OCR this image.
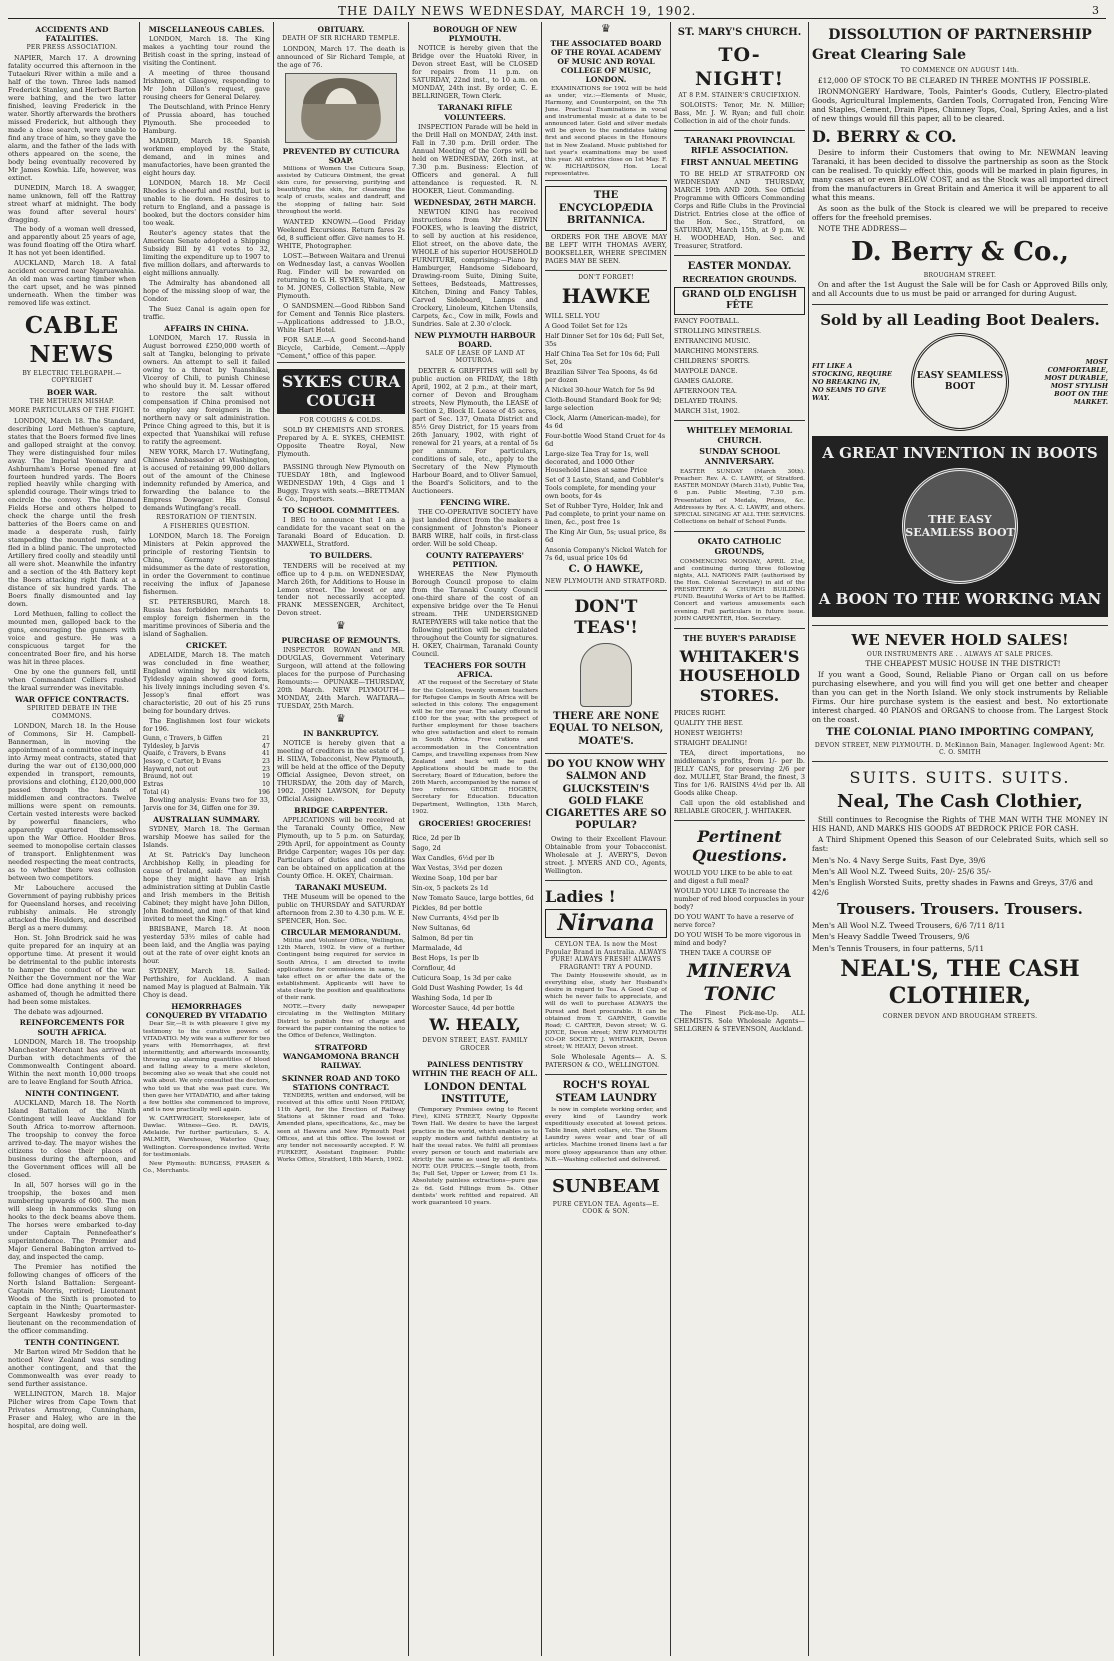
THE DAILY NEWS WEDNESDAY, MARCH 19, 1902.	3
ACCIDENTS AND FATALITIES.
PER PRESS ASSOCIATION.

NAPIER, March 17. A drowning fatality occurred this afternoon in the Tutaekuri River within a mile and a half of the town. Three lads named Frederick Stanley, and Herbert Barton were bathing, and the two latter finished, leaving Frederick in the water. Shortly afterwards the brothers missed Frederick, but although they made a close search, were unable to find any trace of him, so they gave the alarm, and the father of the lads with others appeared on the scene, the body being eventually recovered by Mr James Kowhia. Life, however, was extinct.

DUNEDIN, March 18. A swagger, name unknown, fell off the Rattray street wharf at midnight. The body was found after several hours' dragging.

The body of a woman well dressed, and apparently about 25 years of age, was found floating off the Otira wharf. It has not yet been identified.

AUCKLAND, March 18. A fatal accident occurred near Ngaruawahia. An old man was carting timber when the cart upset, and he was pinned underneath. When the timber was removed life was extinct.

CABLE NEWS
BY ELECTRIC TELEGRAPH.—COPYRIGHT
BOER WAR.
THE METHUEN MISHAP.
MORE PARTICULARS OF THE FIGHT.

LONDON, March 18. The Standard, describing Lord Methuen's capture, states that the Boers formed five lines and galloped straight at the convoy. They were distinguished four miles away. The Imperial Yeomanry and Ashburnham's Horse opened fire at fourteen hundred yards. The Boers replied heavily while charging with splendid courage. Their wings tried to encircle the convoy. The Diamond Fields Horse and others helped to check the charge until the fresh batteries of the Boers came on and made a desperate rush, fairly stampeding the mounted men, who fled in a blind panic. The unprotected Artillery fired coolly and steadily until all were shot. Meanwhile the infantry and a section of the 4th Battery kept the Boers attacking right flank at a distance of six hundred yards. The Boers finally dismounted and lay down.

Lord Methuen, falling to collect the mounted men, galloped back to the guns, encouraging the gunners with voice and gesture. He was a conspicuous target for the concentrated Boer fire, and his horse was hit in three places.

One by one the gunners fell, until when Commandant Celliers rushed the kraal surrender was inevitable.

WAR OFFICE CONTRACTS.
SPIRITED DEBATE IN THE COMMONS.

LONDON, March 18. In the House of Commons, Sir H. Campbell-Bannerman, in moving the appointment of a committee of inquiry into Army meat contracts, stated that during the war out of £130,000,000 expended in transport, remounts, provisions and clothing, £120,000,000 passed through the hands of middlemen and contractors. Twelve millions were spent on remounts. Certain vested interests were backed by powerful financiers, who apparently quartered themselves upon the War Office. Hoolder Bros. seemed to monopolise certain classes of transport. Enlightenment was needed respecting the meat contracts, as to whether there was collusion between two competitors.

Mr Labouchere accused the Government of paying rubbishy prices for Queensland horses, and receiving rubbishy animals. He strongly attacked the Houlders, and described Bergl as a mere dummy.

Hon. St. John Brodrick said he was quite prepared for an inquiry at an opportune time. At present it would be detrimental to the public interests to hamper the conduct of the war. Neither the Government nor the War Office had done anything it need be ashamed of, though he admitted there had been some mistakes.

The debate was adjourned.

REINFORCEMENTS FOR SOUTH AFRICA.

LONDON, March 18. The troopship Manchester Merchant has arrived at Durban with detachments of the Commonwealth Contingent aboard. Within the next month 10,000 troops are to leave England for South Africa.

NINTH CONTINGENT.

AUCKLAND, March 18. The North Island Battalion of the Ninth Contingent will leave Auckland for South Africa to-morrow afternoon. The troopship to convey the force arrived to-day. The mayor wishes the citizens to close their places of business during the afternoon, and the Government offices will all be closed.

In all, 507 horses will go in the troopship, the boxes and men numbering upwards of 600. The men will sleep in hammocks slung on hooks to the deck beams above them. The horses were embarked to-day under Captain Pennefeather's superintendence. The Premier and Major General Babington arrived to-day, and inspected the camp.

The Premier has notified the following changes of officers of the North Island Battalion: Sergeant-Captain Morris, retired; Lieutenant Woods of the Sixth is promoted to captain in the Ninth; Quartermaster-Sergeant Hawkesby promoted to lieutenant on the recommendation of the officer commanding.

TENTH CONTINGENT.

Mr Barton wired Mr Seddon that he noticed New Zealand was sending another contingent, and that the Commonwealth was ever ready to send further assistance.

WELLINGTON, March 18. Major Pilcher wires from Cape Town that Privates Armstrong, Cunningham, Fraser and Haley, who are in the hospital, are doing well.

MISCELLANEOUS CABLES.

LONDON, March 18. The King makes a yachting tour round the British coast in the spring, instead of visiting the Continent.

A meeting of three thousand Irishmen, at Glasgow, responding to Mr John Dillon's request, gave rousing cheers for General Delarey.

The Deutschland, with Prince Henry of Prussia aboard, has touched Plymouth. She proceeded to Hamburg.

MADRID, March 18. Spanish workmen employed by the State, demand, and in mines and manufactories, have been granted the eight hours day.

LONDON, March 18. Mr Cecil Rhodes is cheerful and restful, but is unable to lie down. He desires to return to England, and a passage is booked, but the doctors consider him too weak.

Reuter's agency states that the American Senate adopted a Shipping Subsidy Bill by 41 votes to 32, limiting the expenditure up to 1907 to five million dollars, and afterwards to eight millions annually.

The Admiralty has abandoned all hope of the missing sloop of war, the Condor.

The Suez Canal is again open for traffic.

AFFAIRS IN CHINA.

LONDON, March 17. Russia in August borrowed £250,000 worth of salt at Tangku, belonging to private owners. An attempt to sell it failed owing to a threat by Yuanshikai, Viceroy of Chili, to punish Chinese who should buy it. M. Lessar offered to restore the salt without compensation if China promised not to employ any foreigners in the northern navy or salt administration. Prince Ching agreed to this, but it is expected that Yuanshikai will refuse to ratify the agreement.

NEW YORK, March 17. Wutingfang, Chinese Ambassador at Washington, is accused of retaining 99,000 dollars out of the amount of the Chinese indemnity refunded by America, and forwarding the balance to the Empress Dowager. His Consul demands Wutingfang's recall.

RESTORATION OF TIENTSIN.
A FISHERIES QUESTION.

LONDON, March 18. The Foreign Ministers at Pekin approved the principle of restoring Tientsin to China, Germany suggesting midsummer as the date of restoration, in order the Government to continue receiving the influx of Japanese fishermen.

ST. PETERSBURG, March 18. Russia has forbidden merchants to employ foreign fishermen in the maritime provinces of Siberia and the island of Saghalien.

CRICKET.

ADELAIDE, March 18. The match was concluded in fine weather, England winning by six wickets. Tyldesley again showed good form, his lively innings including seven 4's. Jessop's final effort was characteristic, 20 out of his 25 runs being for boundary drives.

The Englishmen lost four wickets for 196.

Gunn, c Travers, b Giffen	21
Tyldesley, b Jarvis	47
Quaife, c Travers, b Evans	41
Jessop, c Carter, b Evans	23
Hayward, not out	23
Braund, not out	19
Extras	10
Total (4)	196

Bowling analysis: Evans two for 33, Jarvis one for 34, Giffen one for 39.

AUSTRALIAN SUMMARY.

SYDNEY, March 18. The German warship Moewe has sailed for the Islands.

At St. Patrick's Day luncheon Archbishop Kelly, in pleading for cause of Ireland, said: "They might hope they might have an Irish administration sitting at Dublin Castle and Irish members in the British Cabinet; they might have John Dillon, John Redmond, and men of that kind invited to meet the King."

BRISBANE, March 18. At noon yesterday 53½ miles of cable had been laid, and the Anglia was paying out at the rate of over eight knots an hour.

SYDNEY, March 18. Sailed: Perthshire, for Auckland. A man named May is plagued at Balmain. Yik Choy is dead.

HEMORRHAGES CONQUERED BY VITADATIO

Dear Sir,—It is with pleasure I give my testimony to the curative powers of VITADATIO. My wife was a sufferer for two years with Hemorrhages, at first intermittently, and afterwards incessantly, throwing up alarming quantities of blood and falling away to a mere skeleton, becoming also so weak that she could not walk about. We only consulted the doctors, who told us that she was past cure. We then gave her VITADATIO, and after taking a few bottles she commenced to improve, and is now practically well again.

W. CARTWRIGHT, Storekeeper, late of Dawlac. Witness—Geo. R. DAVIS, Adelaide. For further particulars, S. A. PALMER, Warehouse, Waterloo Quay, Wellington. Correspondence invited. Write for testimonials.

New Plymouth: BURGESS, FRASER & Co., Merchants.

OBITUARY.
DEATH OF SIR RICHARD TEMPLE.

LONDON, March 17. The death is announced of Sir Richard Temple, at the age of 76.

PREVENTED BY CUTICURA SOAP.

Millions of Women Use Cuticura Soap, assisted by Cuticura Ointment, the great skin cure, for preserving, purifying and beautifying the skin, for cleansing the scalp of crusts, scales and dandruff, and the stopping of falling hair. Sold throughout the world.

WANTED KNOWN.—Good Friday Weekend Excursions. Return fares 2s 6d, 8 sufficient offer. Give names to H. WHITE, Photographer.

LOST.—Between Waitara and Urenui on Wednesday last, a canvas Woollen Rug. Finder will be rewarded on returning to G. H. SYMES, Waitara, or to M. JONES, Collection Stable, New Plymouth.

O SANDSMEN.—Good Ribbon Sand for Cement and Tennis Rice plasters.—Applications addressed to J.B.O., White Hart Hotel.

FOR SALE.—A good Second-hand Bicycle, Carbide, Cement.—Apply "Cement," office of this paper.

SYKES CURA COUGH
FOR COUGHS & COLDS.

SOLD BY CHEMISTS AND STORES. Prepared by A. E. SYKES, CHEMIST. Opposite Theatre Royal, New Plymouth.

PASSING through New Plymouth on TUESDAY 18th, and Inglewood WEDNESDAY 19th, 4 Gigs and 1 Buggy. Trays with seats.—BRETTMAN & Co., Importers.

TO SCHOOL COMMITTEES.

I BEG to announce that I am a candidate for the vacant seat on the Taranaki Board of Education. D. MAXWELL, Stratford.

TO BUILDERS.

TENDERS will be received at my office up to 4 p.m. on WEDNESDAY, March 26th, for Additions to House in Lemon street. The lowest or any tender not necessarily accepted. FRANK MESSENGER, Architect, Devon street.

♛
PURCHASE OF REMOUNTS.

INSPECTOR ROWAN and MR. DOUGLAS, Government Veterinary Surgeon, will attend at the following places for the purpose of Purchasing Remounts:— OPUNAKE—THURSDAY, 20th March. NEW PLYMOUTH—MONDAY, 24th March. WAITARA—TUESDAY, 25th March.

♛
IN BANKRUPTCY.

NOTICE is hereby given that a meeting of creditors in the estate of J. H. SILVA, Tobacconist, New Plymouth, will be held at the office of the Deputy Official Assignee, Devon street, on THURSDAY, the 20th day of March, 1902. JOHN LAWSON, for Deputy Official Assignee.

BRIDGE CARPENTER.

APPLICATIONS will be received at the Taranaki County Office, New Plymouth, up to 5 p.m. on Saturday, 29th April, for appointment as County Bridge Carpenter; wages 10s per day. Particulars of duties and conditions can be obtained on application at the County Office. H. OKEY, Chairman.

TARANAKI MUSEUM.

THE Museum will be opened to the public on THURSDAY and SATURDAY afternoon from 2.30 to 4.30 p.m. W. E. SPENCER, Hon. Sec.

CIRCULAR MEMORANDUM.

Militia and Volunteer Office, Wellington, 12th March, 1902. In view of a further Contingent being required for service in South Africa, I am directed to invite applications for commissions in same, to take effect on or after the date of the establishment. Applicants will have to state clearly the position and qualifications of their rank.

NOTE.—Every daily newspaper circulating in the Wellington Military District to publish free of charge and forward the paper containing the notice to the Office of Defence, Wellington.

STRATFORD WANGAMOMONA BRANCH RAILWAY.
SKINNER ROAD AND TOKO STATIONS CONTRACT.

TENDERS, written and endorsed, will be received at this office until Noon FRIDAY, 11th April, for the Erection of Railway Stations at Skinner road and Toko. Amended plans, specifications, &c., may be seen at Hawera and New Plymouth Post Offices, and at this office. The lowest or any tender not necessarily accepted. F. W. FURKERT, Assistant Engineer. Public Works Office, Stratford, 18th March, 1902.

BOROUGH OF NEW PLYMOUTH.

NOTICE is hereby given that the Bridge over the Huatoki River, in Devon street East, will be CLOSED for repairs from 11 p.m. on SATURDAY, 22nd inst., to 10 a.m. on MONDAY, 24th inst. By order, C. E. BELLRINGER, Town Clerk.

TARANAKI RIFLE VOLUNTEERS.

INSPECTION Parade will be held in the Drill Hall on MONDAY, 24th inst. Fall in 7.30 p.m. Drill order. The Annual Meeting of the Corps will be held on WEDNESDAY, 26th inst., at 7.30 p.m. Business: Election of Officers and general. A full attendance is requested. R. N. HOOKER, Lieut. Commanding.

WEDNESDAY, 26TH MARCH.

NEWTON KING has received instructions from Mr EDWIN FOOKES, who is leaving the district, to sell by auction at his residence, Eliot street, on the above date, the WHOLE of his superior HOUSEHOLD FURNITURE, comprising:—Piano by Hamburger, Handsome Sideboard, Drawing-room Suite, Dining Suite, Settees, Bedsteads, Mattresses, Kitchen, Dining and Fancy Tables, Carved Sideboard, Lamps and Crockery, Linoleum, Kitchen Utensils, Carpets, &c., Cow in milk, Fowls and Sundries. Sale at 2.30 o'clock.

NEW PLYMOUTH HARBOUR BOARD.
SALE OF LEASE OF LAND AT MOTUROA.

DEXTER & GRIFFITHS will sell by public auction on FRIDAY, the 18th April, 1902, at 2 p.m., at their mart, corner of Devon and Brougham streets, New Plymouth, the LEASE of Section 2, Block II. Lease of 45 acres, part of Sec. 137, Omata District and 85½ Grey District, for 15 years from 26th January, 1902, with right of renewal for 21 years, at a rental of 5s per annum. For particulars, conditions of sale, etc., apply to the Secretary of the New Plymouth Harbour Board, and to Oliver Samuel, the Board's Solicitors, and to the Auctioneers.

FENCING WIRE.

THE CO-OPERATIVE SOCIETY have just landed direct from the makers a consignment of Johnston's Pioneer BARB WIRE, half coils, in first-class order. Will be sold Cheap.

COUNTY RATEPAYERS' PETITION.

WHEREAS the New Plymouth Borough Council propose to claim from the Taranaki County Council one-third share of the cost of an expensive bridge over the Te Henui stream. THE UNDERSIGNED RATEPAYERS will take notice that the following petition will be circulated throughout the County for signatures. H. OKEY, Chairman, Taranaki County Council.

TEACHERS FOR SOUTH AFRICA.

AT the request of the Secretary of State for the Colonies, twenty women teachers for Refugee Camps in South Africa will be selected in this colony. The engagement will be for one year. The salary offered is £100 for the year, with the prospect of further employment for those teachers who give satisfaction and elect to remain in South Africa. Free rations and accommodation in the Concentration Camps, and travelling expenses from New Zealand and back will be paid. Applications should be made to the Secretary, Board of Education, before the 26th March, accompanied by the names of two referees. GEORGE HOGBEN, Secretary for Education. Education Department, Wellington, 13th March, 1902.

GROCERIES! GROCERIES!
Rice, 2d per lb
Sago, 2d
Wax Candles, 6½d per lb
Wax Vestas, 3½d per dozen
Wexine Soap, 10d per bar
Sin-ox, 5 packets 2s 1d
New Tomato Sauce, large bottles, 6d
Pickles, 8d per bottle
New Currants, 4½d per lb
New Sultanas, 6d
Salmon, 8d per tin
Marmalade, 4d
Best Hops, 1s per lb
Cornflour, 4d
Cuticura Soap, 1s 3d per cake
Gold Dust Washing Powder, 1s 4d
Washing Soda, 1d per lb
Worcester Sauce, 4d per bottle
W. HEALY,
DEVON STREET, EAST. FAMILY GROCER
PAINLESS DENTISTRY WITHIN THE REACH OF ALL.
LONDON DENTAL INSTITUTE,

(Temporary Premises owing to Recent Fire), KING STREET, Nearly Opposite Town Hall. We desire to have the largest practice in the world, which enables us to supply modern and faithful dentistry at half the usual rates. We fulfil all promises every person or touch and materials are strictly the same as used by all dentists. NOTE OUR PRICES.—Single tooth, from 5s; Full Set, Upper or Lower, from £1 1s. Absolutely painless extractions—pure gas 2s 6d. Gold Fillings from 5s. Other dentists' work refitted and repaired. All work guaranteed 10 years.

♛
THE ASSOCIATED BOARD OF THE ROYAL ACADEMY OF MUSIC AND ROYAL COLLEGE OF MUSIC, LONDON.

EXAMINATIONS for 1902 will be held as under, viz.:—Elements of Music, Harmony, and Counterpoint, on the 7th June. Practical Examinations in vocal and instrumental music at a date to be announced later. Gold and silver medals will be given to the candidates taking first and second places in the Honours list in New Zealand. Music published for last year's examinations may be used this year. All entries close on 1st May. F. W. RICHARDSON, Hon. Local representative.

THE ENCYCLOPÆDIA BRITANNICA.

ORDERS FOR THE ABOVE MAY BE LEFT WITH THOMAS AVERY, BOOKSELLER, WHERE SPECIMEN PAGES MAY BE SEEN.

DON'T FORGET!
HAWKE
WILL SELL YOU
A Good Toilet Set for 12s
Half Dinner Set for 10s 6d; Full Set, 35s
Half China Tea Set for 10s 6d; Full Set, 20s
Brazilian Silver Tea Spoons, 4s 6d per dozen
A Nickel 30-hour Watch for 5s 9d
Cloth-Bound Standard Book for 9d; large selection
Clock, Alarm (American-made), for 4s 6d
Four-bottle Wood Stand Cruet for 4s 6d
Large-size Tea Tray for 1s, well decorated, and 1000 Other Household Lines at same Price
Set of 3 Laste, Stand, and Cobbler's Tools complete, for mending your own boots, for 4s
Set of Rubber Tyre, Holder, Ink and Pad complete, to print your name on linen, &c., post free 1s
The King Air Gun, 5s; usual price, 8s 6d
Ansonia Company's Nickel Watch for 7s 6d, usual price 10s 6d
C. O HAWKE,
NEW PLYMOUTH AND STRATFORD.
DON'T TEAS'!
THERE ARE NONE EQUAL TO NELSON, MOATE'S.
DO YOU KNOW WHY SALMON AND GLUCKSTEIN'S GOLD FLAKE CIGARETTES ARE SO POPULAR?

Owing to their Excellent Flavour. Obtainable from your Tobacconist. Wholesale at J. AVERY'S, Devon street. J. MYERS AND CO., Agents, Wellington.

Ladies !
Nirvana
CEYLON TEA. Is now the Most Popular Brand in Australia. ALWAYS PURE! ALWAYS FRESH! ALWAYS FRAGRANT! TRY A POUND.

The Dainty Housewife should, as in everything else, study her Husband's desire in regard to Tea. A Good Cup of which he never fails to appreciate, and will do well to purchase ALWAYS the Purest and Best procurable. It can be obtained from T. GARNER, Gonville Road; C. CARTER, Devon street; W. G. JOYCE, Devon street; NEW PLYMOUTH CO-OP. SOCIETY; J. WHITAKER, Devon street; W. HEALY, Devon street.

Sole Wholesale Agents— A. S. PATERSON & CO., WELLINGTON.

ROCH'S ROYAL STEAM LAUNDRY

Is now in complete working order, and every kind of Laundry work expeditiously executed at lowest prices. Table linen, shirt collars, etc. The Steam Laundry saves wear and tear of all articles. Machine ironed linens last a far more glossy appearance than any other. N.B.—Washing collected and delivered.

SUNBEAM
PURE CEYLON TEA. Agents—E. COOK & SON.
ST. MARY'S CHURCH.
TO-NIGHT!
AT 8 P.M. STAINER'S CRUCIFIXION.

SOLOISTS: Tenor, Mr. N. Millier; Bass, Mr. J. W. Ryan; and full choir. Collection in aid of the choir funds.

TARANAKI PROVINCIAL RIFLE ASSOCIATION.
FIRST ANNUAL MEETING

TO BE HELD AT STRATFORD ON WEDNESDAY AND THURSDAY, MARCH 19th AND 20th. See Official Programme with Officers Commanding Corps and Rifle Clubs in the Provincial District. Entries close at the office of the Hon. Sec., Stratford, on SATURDAY, March 15th, at 9 p.m. W. H. WOODHEAD, Hon. Sec. and Treasurer, Stratford.

EASTER MONDAY.
RECREATION GROUNDS.
GRAND OLD ENGLISH FÊTE
FANCY FOOTBALL.
STROLLING MINSTRELS.
ENTRANCING MUSIC.
MARCHING MONSTERS.
CHILDRENS' SPORTS.
MAYPOLE DANCE.
GAMES GALORE.
AFTERNOON TEA.
DELAYED TRAINS.
MARCH 31st, 1902.
WHITELEY MEMORIAL CHURCH.
SUNDAY SCHOOL ANNIVERSARY.

EASTER SUNDAY (March 30th). Preacher: Rev. A. C. LAWRY, of Stratford. EASTER MONDAY (March 31st), Public Tea, 6 p.m. Public Meeting, 7.30 p.m. Presentation of Medals, Prizes, &c. Addresses by Rev. A. C. LAWRY, and others. SPECIAL SINGING AT ALL THE SERVICES. Collections on behalf of School Funds.

OKATO CATHOLIC GROUNDS,

COMMENCING MONDAY, APRIL 21st, and continuing during three following nights, ALL NATIONS FAIR (authorised by the Hon. Colonial Secretary) in aid of the PRESBYTERY & CHURCH BUILDING FUND. Beautiful Works of Art to be Raffled. Concert and various amusements each evening. Full particulars in future issue. JOHN CARPENTER, Hon. Secretary.

THE BUYER'S PARADISE
WHITAKER'S HOUSEHOLD STORES.
PRICES RIGHT.
QUALITY THE BEST.
HONEST WEIGHTS!
STRAIGHT DEALING!

TEA, direct importations, no middleman's profits, from 1/- per lb. JELLY CANS, for preserving 2/6 per doz. MULLET, Star Brand, the finest, 3 Tins for 1/6. RAISINS 4½d per lb. All Goods alike Cheap.

Call upon the old established and RELIABLE GROCER, J. WHITAKER.

Pertinent Questions.
WOULD YOU LIKE to be able to eat and digest a full meal?
WOULD YOU LIKE To increase the number of red blood corpuscles in your body?
DO YOU WANT To have a reserve of nerve force?
DO YOU WISH To be more vigorous in mind and body?

THEN TAKE A COURSE OF

MINERVA TONIC

The Finest Pick-me-Up. ALL CHEMISTS. Sole Wholesale Agents— SELLGREN & STEVENSON, Auckland.

DISSOLUTION OF PARTNERSHIP
Great Clearing Sale
TO COMMENCE ON AUGUST 14th.

£12,000 OF STOCK TO BE CLEARED IN THREE MONTHS IF POSSIBLE.

IRONMONGERY Hardware, Tools, Painter's Goods, Cutlery, Electro-plated Goods, Agricultural Implements, Garden Tools, Corrugated Iron, Fencing Wire and Staples, Cement, Drain Pipes, Chimney Tops, Coal, Spring Axles, and a list of new things would fill this paper, all to be cleared.

D. BERRY & CO.

Desire to inform their Customers that owing to Mr. NEWMAN leaving Taranaki, it has been decided to dissolve the partnership as soon as the Stock can be realised. To quickly effect this, goods will be marked in plain figures, in many cases at or even BELOW COST, and as the Stock was all imported direct from the manufacturers in Great Britain and America it will be apparent to all what this means.

As soon as the bulk of the Stock is cleared we will be prepared to receive offers for the freehold premises.

NOTE THE ADDRESS—

D. Berry & Co.,
BROUGHAM STREET.

On and after the 1st August the Sale will be for Cash or Approved Bills only, and all Accounts due to us must be paid or arranged for during August.

Sold by all Leading Boot Dealers.
FIT LIKE A STOCKING, REQUIRE NO BREAKING IN, NO SEAMS TO GIVE WAY.
EASY SEAMLESS BOOT
MOST COMFORTABLE, MOST DURABLE, MOST STYLISH BOOT ON THE MARKET.
A GREAT INVENTION IN BOOTS
THE EASY SEAMLESS BOOT
A BOON TO THE WORKING MAN
WE NEVER HOLD SALES!
OUR INSTRUMENTS ARE . . ALWAYS AT SALE PRICES.

THE CHEAPEST MUSIC HOUSE IN THE DISTRICT!

If you want a Good, Sound, Reliable Piano or Organ call on us before purchasing elsewhere, and you will find you will get one better and cheaper than you can get in the North Island. We only stock instruments by Reliable Firms. Our hire purchase system is the easiest and best. No extortionate interest charged. 40 PIANOS and ORGANS to choose from. The Largest Stock on the coast.

THE COLONIAL PIANO IMPORTING COMPANY,
DEVON STREET, NEW PLYMOUTH. D. McKinnon Bain, Manager. Inglewood Agent: Mr. C. O. SMITH
SUITS. SUITS. SUITS.
Neal, The Cash Clothier,

Still continues to Recognise the Rights of THE MAN WITH THE MONEY IN HIS HAND, AND MARKS HIS GOODS AT BEDROCK PRICE FOR CASH.

A Third Shipment Opened this Season of our Celebrated Suits, which sell so fast:

Men's No. 4 Navy Serge Suits, Fast Dye, 39/6
Men's All Wool N.Z. Tweed Suits, 20/- 25/6 35/-
Men's English Worsted Suits, pretty shades in Fawns and Greys, 37/6 and 42/6
Trousers. Trousers. Trousers.
Men's All Wool N.Z. Tweed Trousers, 6/6 7/11 8/11
Men's Heavy Saddle Tweed Trousers, 9/6
Men's Tennis Trousers, in four patterns, 5/11
NEAL'S, THE CASH CLOTHIER,
CORNER DEVON AND BROUGHAM STREETS.
